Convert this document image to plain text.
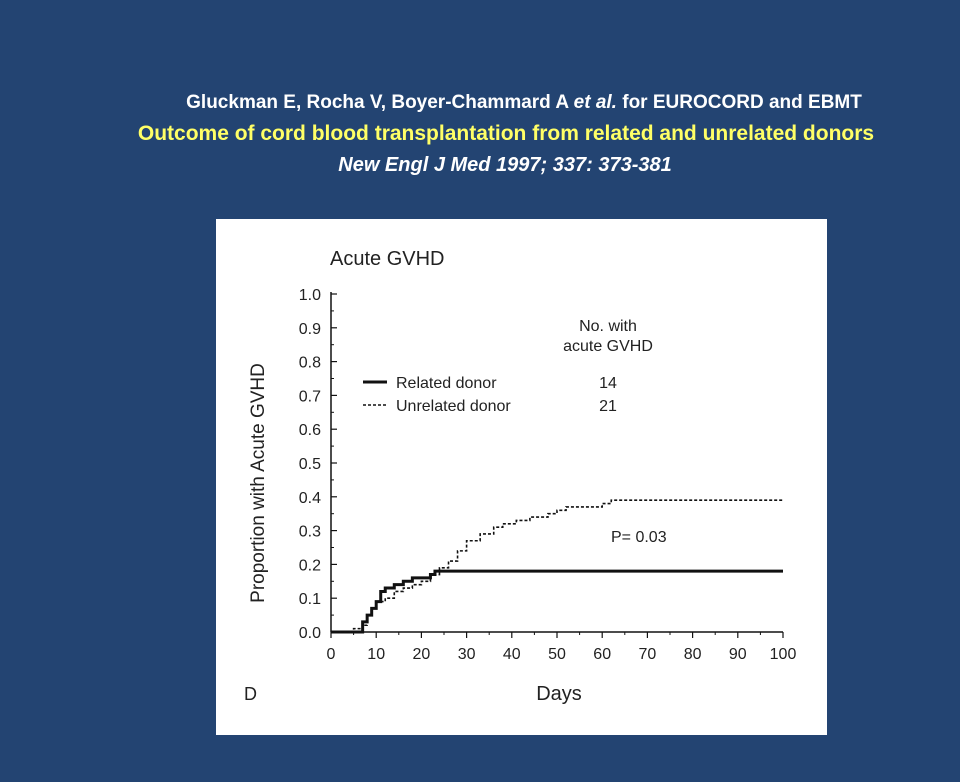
Gluckman E, Rocha V, Boyer-Chammard A et al. for EUROCORD and EBMT
Outcome of cord blood transplantation from related and unrelated donors
New Engl J Med 1997; 337: 373-381
Acute GVHD
Proportion with Acute GVHD
Days
D
No. with
acute GVHD
Related donor	14
Unrelated donor	21
P= 0.03
0 10 20 30 40 50 60 70 80 90 100
0.0
0.1
0.2
0.3
0.4
0.5
0.6
0.7
0.8
0.9
1.0
